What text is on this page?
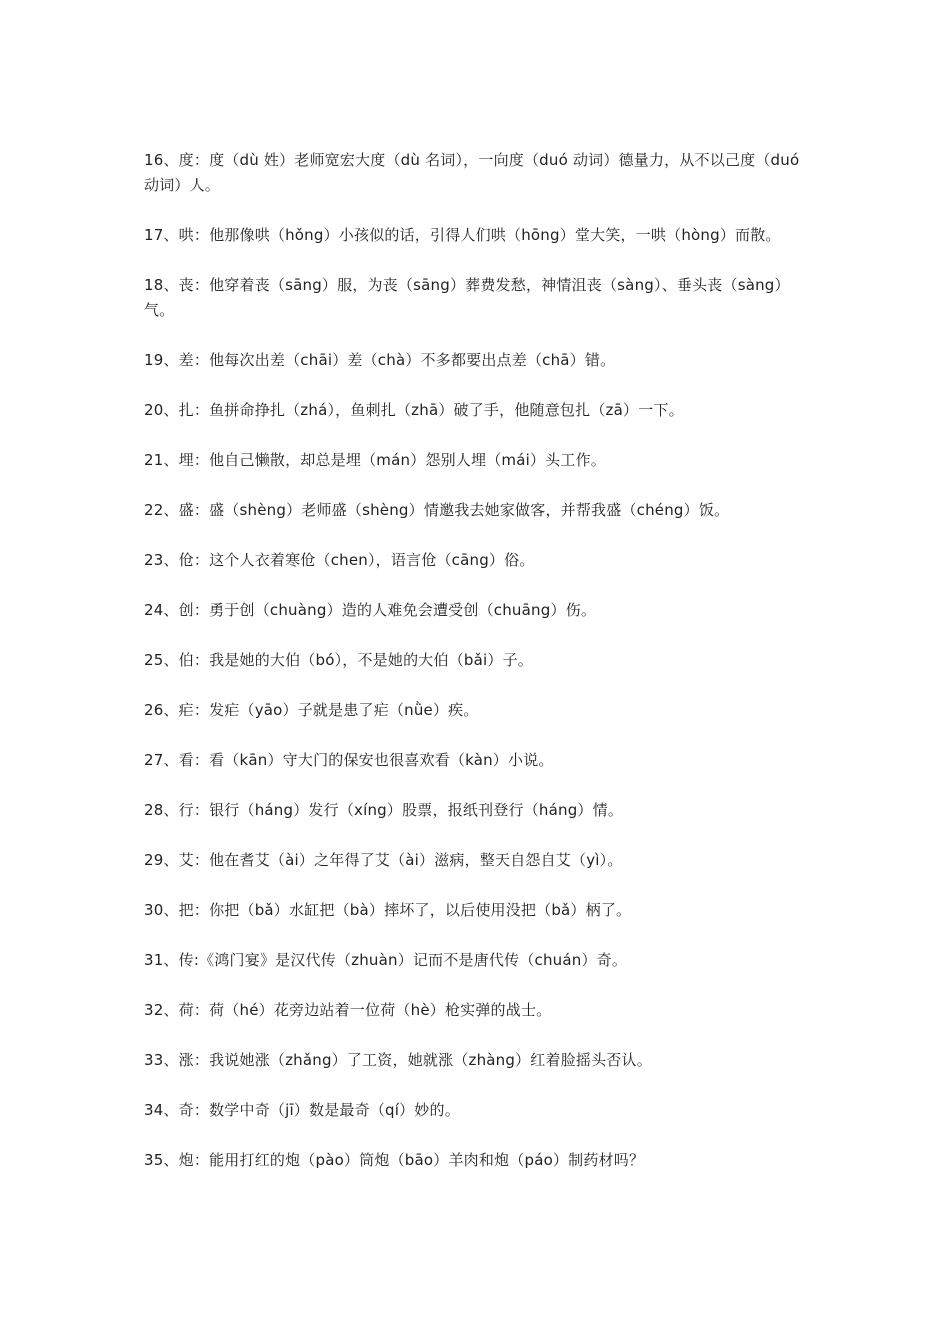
16、度：度（dù 姓）老师宽宏大度（dù 名词），一向度（duó 动词）德量力，从不以己度（duó 动词）人。
17、哄：他那像哄（hǒng）小孩似的话，引得人们哄（hōng）堂大笑，一哄（hòng）而散。
18、丧：他穿着丧（sāng）服，为丧（sāng）葬费发愁，神情沮丧（sàng）、垂头丧（sàng）气。
19、差：他每次出差（chāi）差（chà）不多都要出点差（chā）错。
20、扎：鱼拼命挣扎（zhá），鱼刺扎（zhā）破了手，他随意包扎（zā）一下。
21、埋：他自己懒散，却总是埋（mán）怨别人埋（mái）头工作。
22、盛：盛（shèng）老师盛（shèng）情邀我去她家做客，并帮我盛（chéng）饭。
23、伧：这个人衣着寒伧（chen），语言伧（cāng）俗。
24、创：勇于创（chuàng）造的人难免会遭受创（chuāng）伤。
25、伯：我是她的大伯（bó），不是她的大伯（bǎi）子。
26、疟：发疟（yāo）子就是患了疟（nǜe）疾。
27、看：看（kān）守大门的保安也很喜欢看（kàn）小说。
28、行：银行（háng）发行（xíng）股票，报纸刊登行（háng）情。
29、艾：他在耆艾（ài）之年得了艾（ài）滋病，整天自怨自艾（yì）。
30、把：你把（bǎ）水缸把（bà）摔坏了，以后使用没把（bǎ）柄了。
31、传:《鸿门宴》是汉代传（zhuàn）记而不是唐代传（chuán）奇。
32、荷：荷（hé）花旁边站着一位荷（hè）枪实弹的战士。
33、涨：我说她涨（zhǎng）了工资，她就涨（zhàng）红着脸摇头否认。
34、奇：数学中奇（jī）数是最奇（qí）妙的。
35、炮：能用打红的炮（pào）筒炮（bāo）羊肉和炮（páo）制药材吗？
